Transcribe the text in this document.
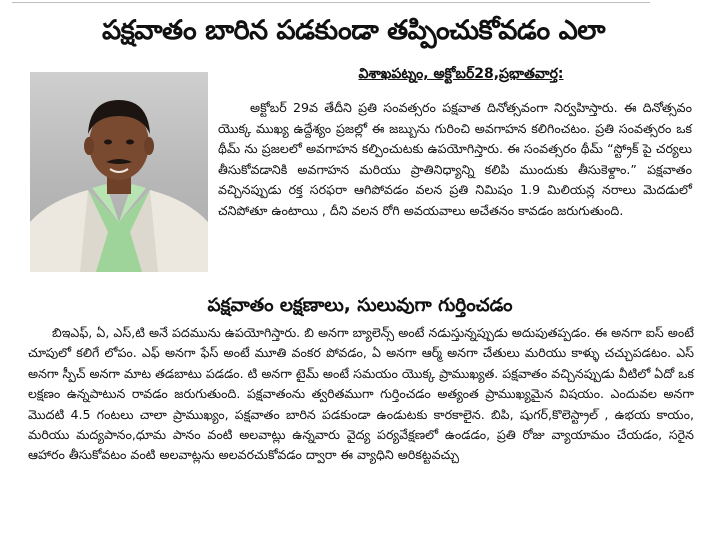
పక్షవాతం బారిన పడకుండా తప్పించుకోవడం ఎలా
విశాఖపట్నం, అక్టోబర్28,ప్రభాతవార్త:

అక్టోబర్ 29వ తేదీని ప్రతి సంవత్సరం పక్షవాత దినోత్సవంగా నిర్వహిస్తారు. ఈ దినోత్సవం యొక్క ముఖ్య ఉద్దేశ్యం ప్రజల్లో ఈ జబ్బును గురించి అవగాహన కలిగించటం. ప్రతి సంవత్సరం ఒక థీమ్ ను ప్రజలలో అవగాహన కల్పించుటకు ఉపయోగిస్తారు. ఈ సంవత్సరం థీమ్ “స్ట్రోక్ పై చర్యలు తీసుకోవడానికి అవగాహన మరియు ప్రాతినిధ్యాన్ని కలిపి ముందుకు తీసుకెళ్దాం.” పక్షవాతం వచ్చినప్పుడు రక్త సరఫరా ఆగిపోవడం వలన ప్రతి నిమిషం 1.9 మిలియన్ల నరాలు మెదడులో చనిపోతూ ఉంటాయి , దీని వలన రోగి అవయవాలు అచేతనం కావడం జరుగుతుంది.

పక్షవాతం లక్షణాలు, సులువుగా గుర్తించడం

బిఇఎఫ్, ఏ, ఎస్,టి అనే పదమును ఉపయోగిస్తారు. బి అనగా బ్యాలెన్స్ అంటే నడుస్తున్నప్పుడు అదుపుతప్పడం. ఈ అనగా ఐస్ అంటే చూపులో కలిగే లోపం. ఎఫ్ అనగా ఫేస్ అంటే మూతి వంకర పోవడం, ఏ అనగా ఆర్మ్ అనగా చేతులు మరియు కాళ్ళు చచ్చుపడటం. ఎస్ అనగా స్పీచ్ అనగా మాట తడబాటు పడడం. టి అనగా టైమ్ అంటే సమయం యొక్క ప్రాముఖ్యత. పక్షవాతం వచ్చినప్పుడు వీటిలో ఏదో ఒక లక్షణం ఉన్నపాటున రావడం జరుగుతుంది. పక్షవాతంను త్వరితముగా గుర్తించడం అత్యంత ప్రాముఖ్యమైన విషయం. ఎందువల అనగా మొదటి 4.5 గంటలు చాలా ప్రాముఖ్యం, పక్షవాతం బారిన పడకుండా ఉండుటకు కారకాలైన. బిపి, షుగర్,కొలెస్ట్రాల్ , ఉభయ కాయం, మరియు మద్యపానం,ధూమ పానం వంటి అలవాట్లు ఉన్నవారు వైద్య పర్యవేక్షణలో ఉండడం, ప్రతి రోజు వ్యాయామం చేయడం, సరైన ఆహారం తీసుకోవటం వంటి అలవాట్లను అలవరచుకోవడం ద్వారా ఈ వ్యాధిని అరికట్టవచ్చు
